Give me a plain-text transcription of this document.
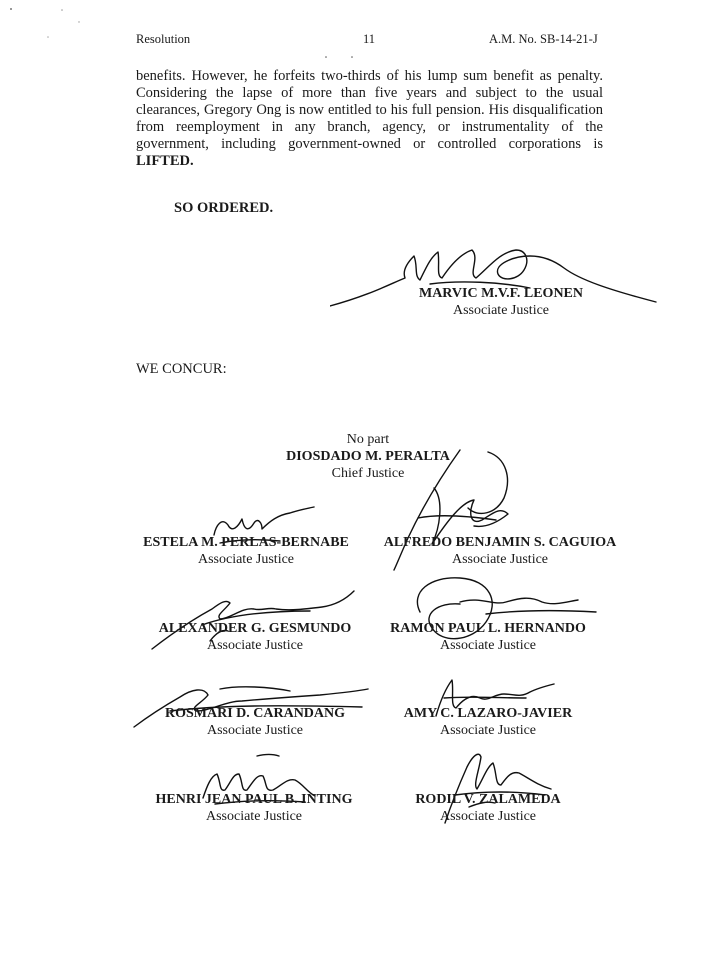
Resolution	11	A.M. No. SB-14-21-J

benefits. However, he forfeits two-thirds of his lump sum benefit as penalty. Considering the lapse of more than five years and subject to the usual clearances, Gregory Ong is now entitled to his full pension. His disqualification from reemployment in any branch, agency, or instrumentality of the government, including government-owned or controlled corporations is LIFTED.

SO ORDERED.
MARVIC M.V.F. LEONEN
Associate Justice
WE CONCUR:
No part
DIOSDADO M. PERALTA
Chief Justice
ESTELA M. PERLAS-BERNABE
Associate Justice
ALFREDO BENJAMIN S. CAGUIOA
Associate Justice
ALEXANDER G. GESMUNDO
Associate Justice
RAMON PAUL L. HERNANDO
Associate Justice
ROSMARI D. CARANDANG
Associate Justice
AMY C. LAZARO-JAVIER
Associate Justice
HENRI JEAN PAUL B. INTING
Associate Justice
RODIL V. ZALAMEDA
Associate Justice
